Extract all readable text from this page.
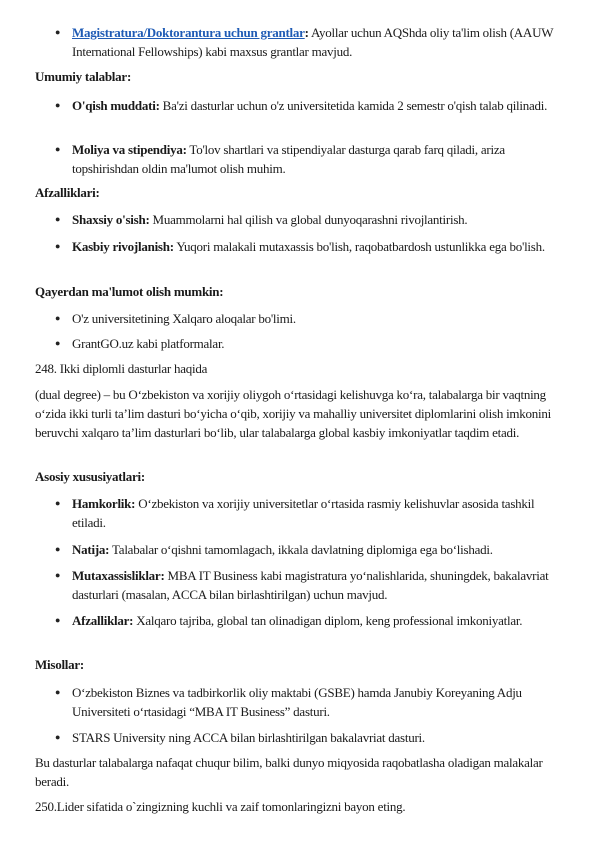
● Magistratura/Doktorantura uchun grantlar: Ayollar uchun AQShda oliy ta'lim olish (AAUW International Fellowships) kabi maxsus grantlar mavjud.
Umumiy talablar:
● O'qish muddati: Ba'zi dasturlar uchun o'z universitetida kamida 2 semestr o'qish talab qilinadi.
● Moliya va stipendiya: To'lov shartlari va stipendiyalar dasturga qarab farq qiladi, ariza topshirishdan oldin ma'lumot olish muhim.
Afzalliklari:
● Shaxsiy o'sish: Muammolarni hal qilish va global dunyoqarashni rivojlantirish.
● Kasbiy rivojlanish: Yuqori malakali mutaxassis bo'lish, raqobatbardosh ustunlikka ega bo'lish.
Qayerdan ma'lumot olish mumkin:
● O'z universitetining Xalqaro aloqalar bo'limi.
● GrantGO.uz kabi platformalar.
248. Ikki diplomli dasturlar haqida
(dual degree) – bu O‘zbekiston va xorijiy oliygoh o‘rtasidagi kelishuvga ko‘ra, talabalarga bir vaqtning o‘zida ikki turli ta’lim dasturi bo‘yicha o‘qib, xorijiy va mahalliy universitet diplomlarini olish imkonini beruvchi xalqaro ta’lim dasturlari bo‘lib, ular talabalarga global kasbiy imkoniyatlar taqdim etadi.
Asosiy xususiyatlari:
● Hamkorlik: O‘zbekiston va xorijiy universitetlar o‘rtasida rasmiy kelishuvlar asosida tashkil etiladi.
● Natija: Talabalar o‘qishni tamomlagach, ikkala davlatning diplomiga ega bo‘lishadi.
● Mutaxassisliklar: MBA IT Business kabi magistratura yo‘nalishlarida, shuningdek, bakalavriat dasturlari (masalan, ACCA bilan birlashtirilgan) uchun mavjud.
● Afzalliklar: Xalqaro tajriba, global tan olinadigan diplom, keng professional imkoniyatlar.
Misollar:
● O‘zbekiston Biznes va tadbirkorlik oliy maktabi (GSBE) hamda Janubiy Koreyaning Adju Universiteti o‘rtasidagi “MBA IT Business” dasturi.
● STARS University ning ACCA bilan birlashtirilgan bakalavriat dasturi.
Bu dasturlar talabalarga nafaqat chuqur bilim, balki dunyo miqyosida raqobatlasha oladigan malakalar beradi.
250.Lider sifatida o`zingizning kuchli va zaif tomonlaringizni bayon eting.
